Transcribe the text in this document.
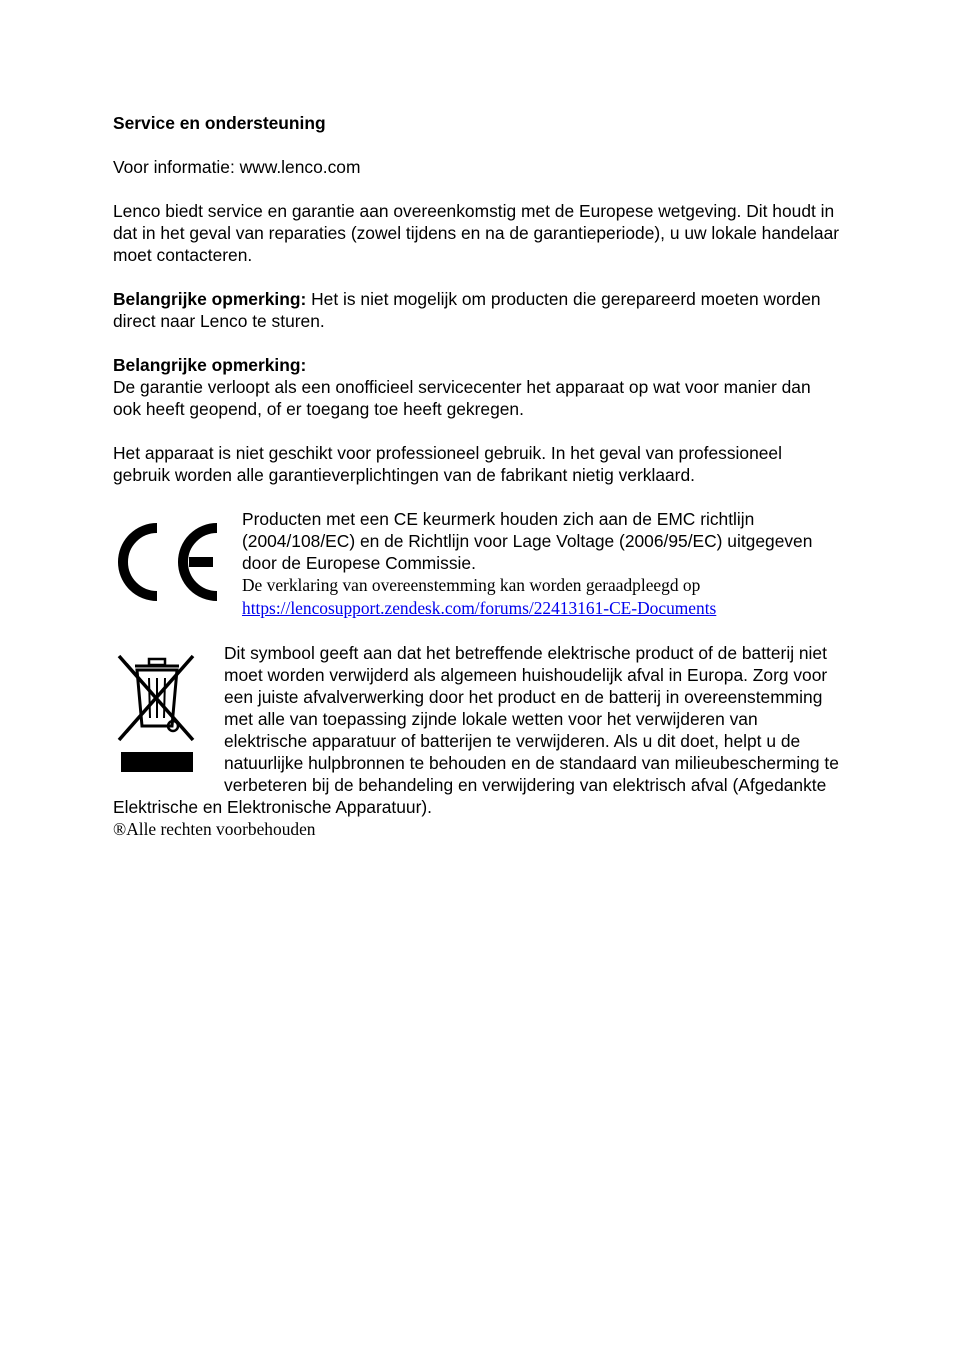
Service en ondersteuning

Voor informatie: www.lenco.com

Lenco biedt service en garantie aan overeenkomstig met de Europese wetgeving. Dit houdt in dat in het geval van reparaties (zowel tijdens en na de garantieperiode), u uw lokale handelaar moet contacteren.

Belangrijke opmerking: Het is niet mogelijk om producten die gerepareerd moeten worden direct naar Lenco te sturen.

Belangrijke opmerking:

De garantie verloopt als een onofficieel servicecenter het apparaat op wat voor manier dan ook heeft geopend, of er toegang toe heeft gekregen.

Het apparaat is niet geschikt voor professioneel gebruik. In het geval van professioneel gebruik worden alle garantieverplichtingen van de fabrikant nietig verklaard.

Producten met een CE keurmerk houden zich aan de EMC richtlijn (2004/108/EC) en de Richtlijn voor Lage Voltage (2006/95/EC) uitgegeven door de Europese Commissie.

De verklaring van overeenstemming kan worden geraadpleegd op

https://lencosupport.zendesk.com/forums/22413161-CE-Documents

Dit symbool geeft aan dat het betreffende elektrische product of de batterij niet moet worden verwijderd als algemeen huishoudelijk afval in Europa. Zorg voor een juiste afvalverwerking door het product en de batterij in overeenstemming met alle van toepassing zijnde lokale wetten voor het verwijderen van elektrische apparatuur of batterijen te verwijderen. Als u dit doet, helpt u de natuurlijke hulpbronnen te behouden en de standaard van milieubescherming te verbeteren bij de behandeling en verwijdering van elektrisch afval (Afgedankte Elektrische en Elektronische Apparatuur).

®Alle rechten voorbehouden
